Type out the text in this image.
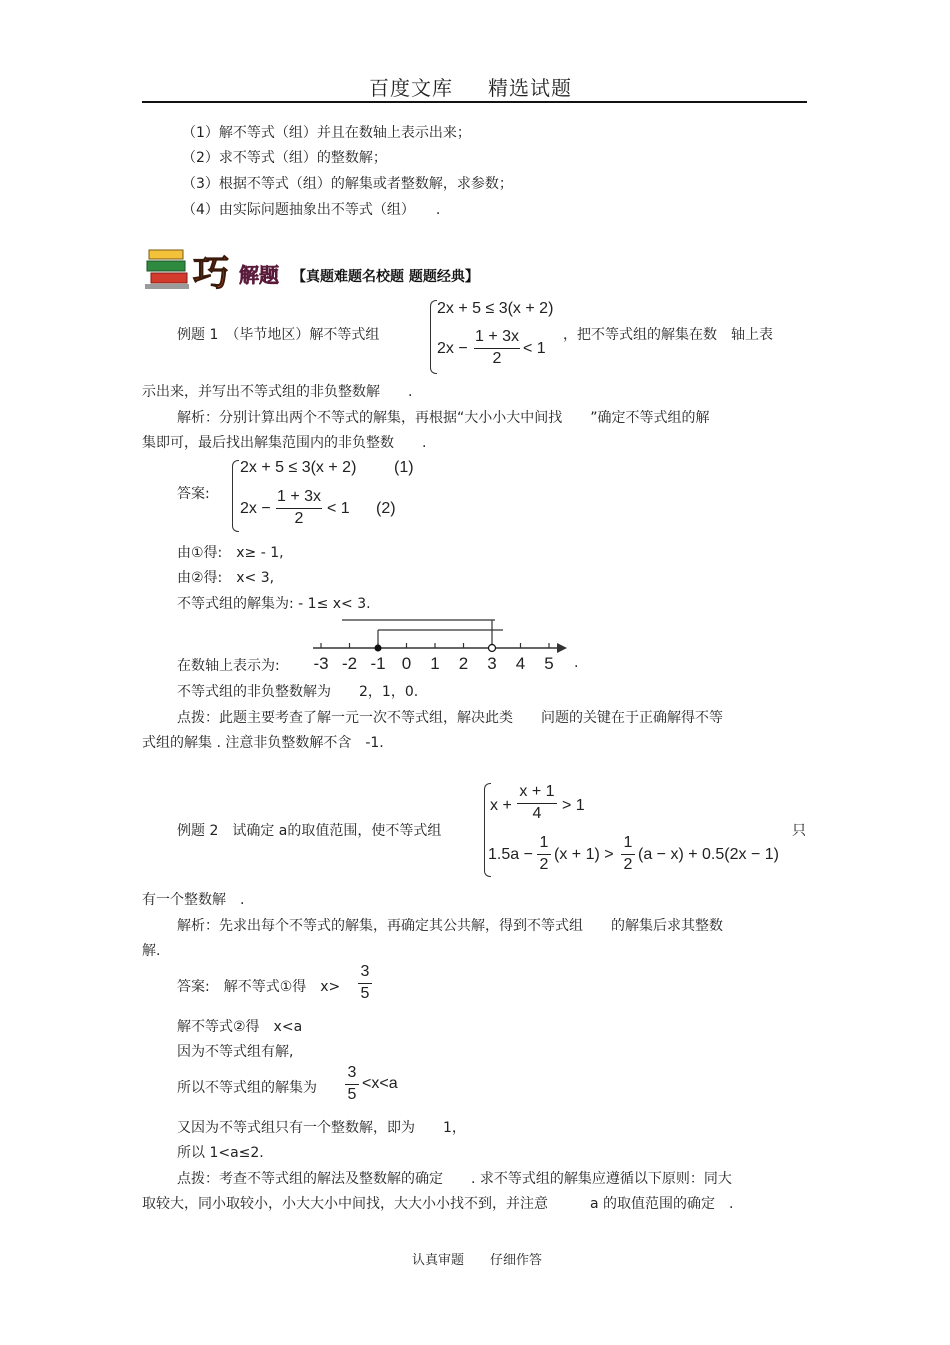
百度文库 精选试题
（1）解不等式（组）并且在数轴上表示出来；
（2）求不等式（组）的整数解；
（3）根据不等式（组）的解集或者整数解，求参数；
（4）由实际问题抽象出不等式（组）　　.
巧 解题 【真题难题名校题 题题经典】
例题 1　（毕节地区）解不等式组
2x + 5 ≤ 3(x + 2)
2x −
1 + 3x
2
< 1
，把不等式组的解集在数　轴上表
示出来，并写出不等式组的非负整数解　　.
解析：分别计算出两个不等式的解集，再根据“大小小大中间找　　”确定不等式组的解
集即可，最后找出解集范围内的非负整数　　.
答案:
2x + 5 ≤ 3(x + 2) (1)
2x −
1 + 3x
2
< 1 (2)
由①得:　x≥ - 1,
由②得:　x< 3,
不等式组的解集为: - 1≤ x< 3.
在数轴上表示为: -3 -2 -1 0 1 2 3 4 5 .
不等式组的非负整数解为　　2，1，0.
点拨：此题主要考查了解一元一次不等式组，解决此类　　问题的关键在于正确解得不等
式组的解集 . 注意非负整数解不含　-1.
例题 2　试确定 a的取值范围，使不等式组
x +
x + 1
4	> 1
1.5a −
1
2
(x + 1) >
1
2
(a − x) + 0.5(2x − 1)
只
有一个整数解　.
解析：先求出每个不等式的解集，再确定其公共解，得到不等式组　　的解集后求其整数
解.
答案:　解不等式①得　x>
3
5
解不等式②得　x<a
因为不等式组有解,
所以不等式组的解集为
3
5
<x<a
又因为不等式组只有一个整数解，即为　　1，
所以 1<a≤2.
点拨：考查不等式组的解法及整数解的确定　　. 求不等式组的解集应遵循以下原则：同大
取较大，同小取较小，小大大小中间找，大大小小找不到，并注意　　　a 的取值范围的确定　.
认真审题　　仔细作答
